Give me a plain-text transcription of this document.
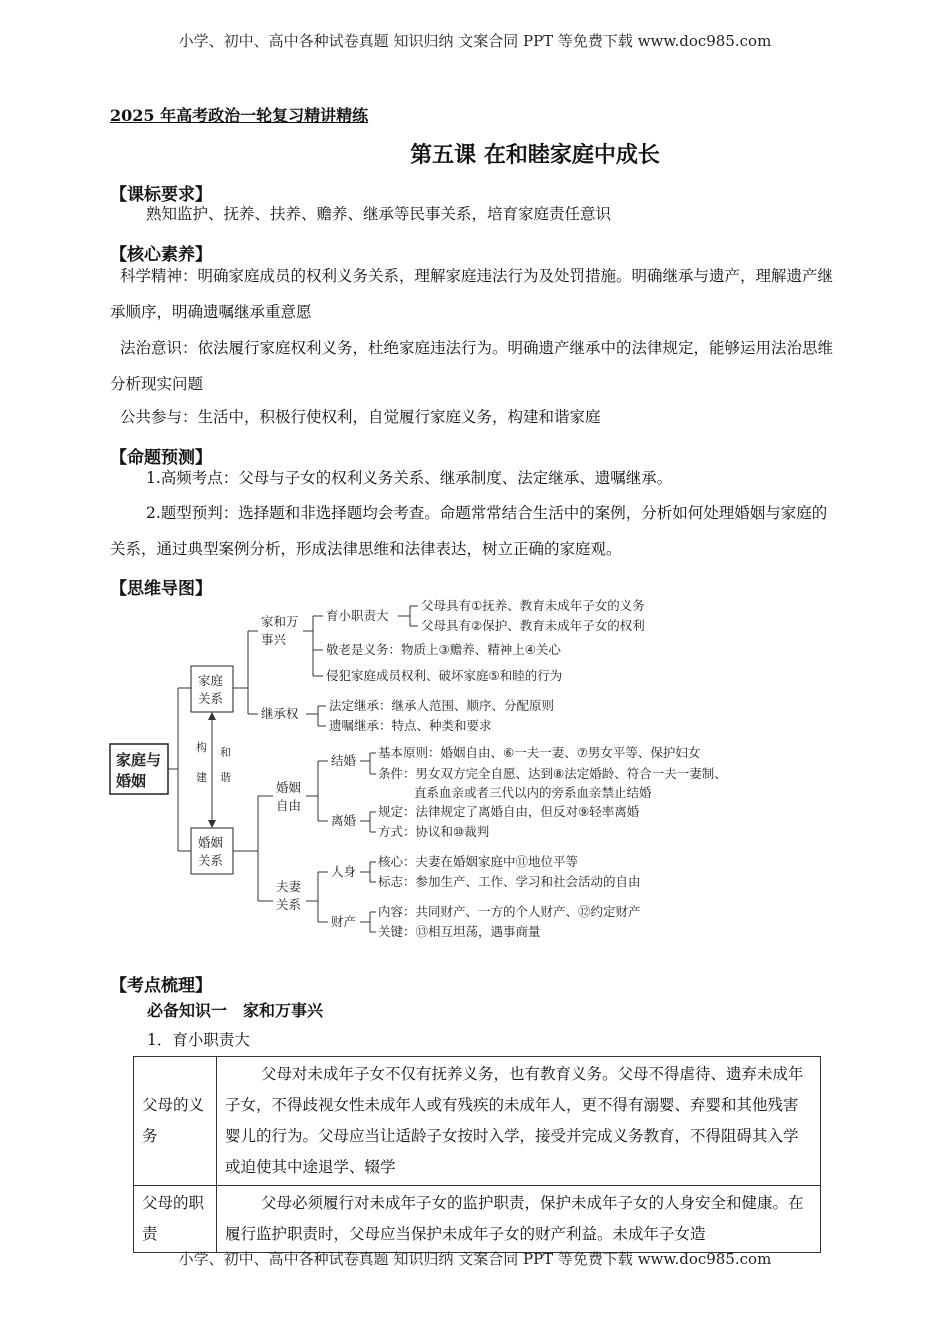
小学、初中、高中各种试卷真题 知识归纳 文案合同 PPT 等免费下载 www.doc985.com
2025 年高考政治一轮复习精讲精练
第五课 在和睦家庭中成长
【课标要求】
熟知监护、抚养、扶养、赡养、继承等民事关系，培育家庭责任意识
【核心素养】
科学精神：明确家庭成员的权利义务关系，理解家庭违法行为及处罚措施。明确继承与遗产，理解遗产继承顺序，明确遗嘱继承重意愿
法治意识：依法履行家庭权利义务，杜绝家庭违法行为。明确遗产继承中的法律规定，能够运用法治思维分析现实问题
公共参与：生活中，积极行使权利，自觉履行家庭义务，构建和谐家庭
【命题预测】
1.高频考点：父母与子女的权利义务关系、继承制度、法定继承、遗嘱继承。
2.题型预判：选择题和非选择题均会考查。命题常常结合生活中的案例，分析如何处理婚姻与家庭的关系，通过典型案例分析，形成法律思维和法律表达，树立正确的家庭观。
【思维导图】
家庭与
婚姻
家庭
关系
婚姻
关系
构
建
和
谐
家和万
事兴
育小职责大
父母具有①抚养、教育未成年子女的义务
父母具有②保护、教育未成年子女的权利
敬老是义务：物质上③赡养、精神上④关心
侵犯家庭成员权利、破坏家庭⑤和睦的行为
继承权
法定继承：继承人范围、顺序、分配原则
遗嘱继承：特点、种类和要求
婚姻
自由
结婚
基本原则：婚姻自由、⑥一夫一妻、⑦男女平等、保护妇女
条件：男女双方完全自愿、达到⑧法定婚龄、符合一夫一妻制、
直系血亲或者三代以内的旁系血亲禁止结婚
离婚
规定：法律规定了离婚自由，但反对⑨轻率离婚
方式：协议和⑩裁判
夫妻
关系
人身
核心：夫妻在婚姻家庭中⑪地位平等
标志：参加生产、工作、学习和社会活动的自由
财产
内容：共同财产、一方的个人财产、⑫约定财产
关键：⑬相互坦荡，遇事商量
【考点梳理】
必备知识一　家和万事兴
1．育小职责大
父母的义务	父母对未成年子女不仅有抚养义务，也有教育义务。父母不得虐待、遗弃未成年子女，不得歧视女性未成年人或有残疾的未成年人，更不得有溺婴、弃婴和其他残害婴儿的行为。父母应当让适龄子女按时入学，接受并完成义务教育，不得阻碍其入学或迫使其中途退学、辍学
父母的职责	父母必须履行对未成年子女的监护职责，保护未成年子女的人身安全和健康。在履行监护职责时，父母应当保护未成年子女的财产利益。未成年子女造
小学、初中、高中各种试卷真题 知识归纳 文案合同 PPT 等免费下载 www.doc985.com
